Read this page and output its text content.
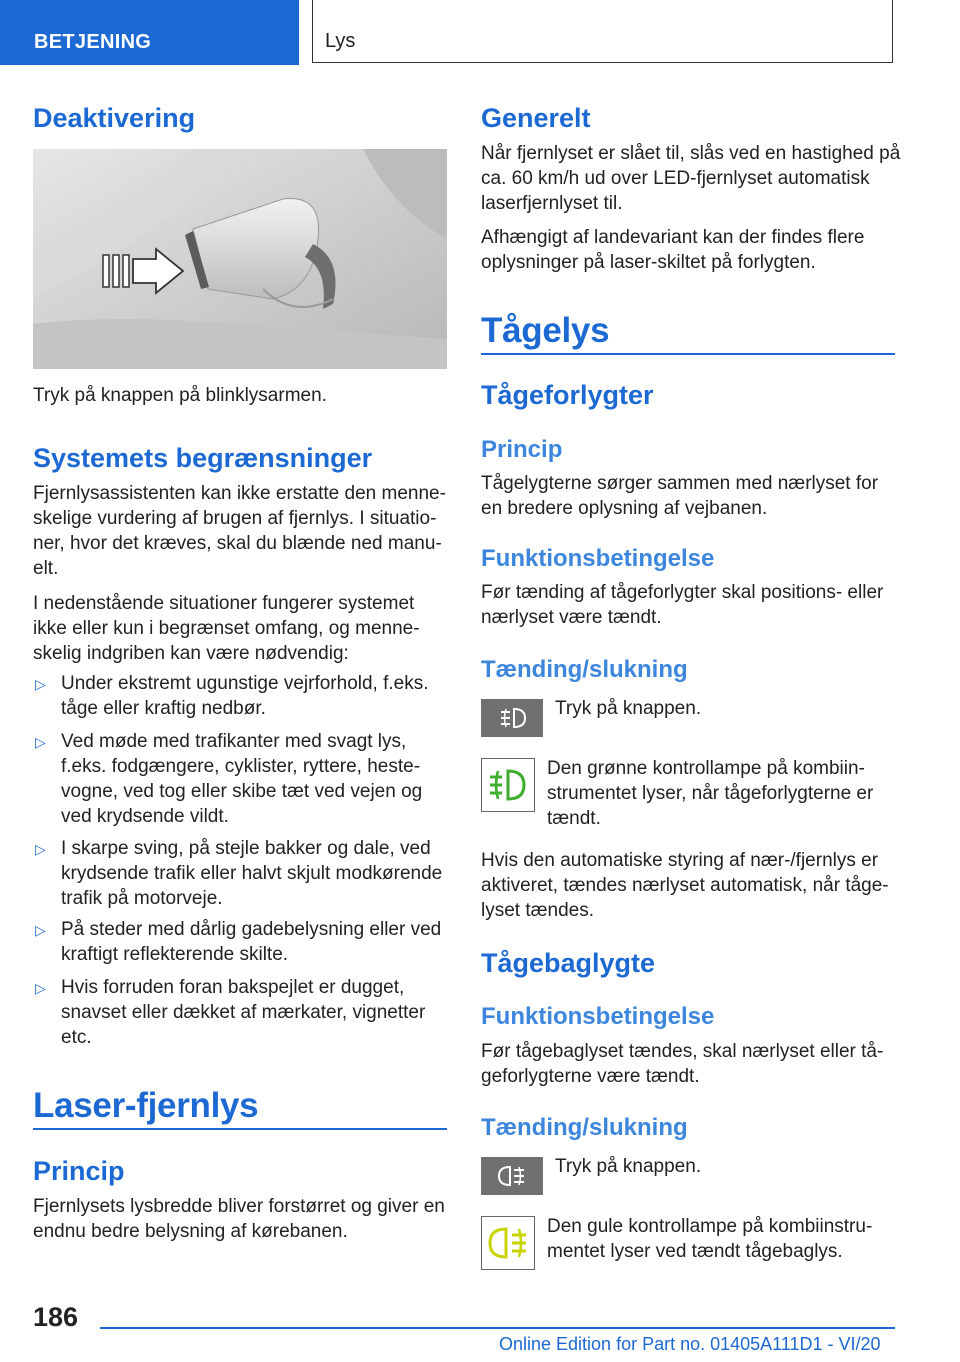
BETJENING	Lys
Deaktivering
Tryk på knappen på blinklysarmen.
Systemets begrænsninger
Fjernlysassistenten kan ikke erstatte den menne-
skelige vurdering af brugen af fjernlys. I situatio-
ner, hvor det kræves, skal du blænde ned manu-
elt.
I nedenstående situationer fungerer systemet
ikke eller kun i begrænset omfang, og menne-
skelig indgriben kan være nødvendig:
▷ Under ekstremt ugunstige vejrforhold, f.eks.
tåge eller kraftig nedbør.
▷ Ved møde med trafikanter med svagt lys,
f.eks. fodgængere, cyklister, ryttere, heste-
vogne, ved tog eller skibe tæt ved vejen og
ved krydsende vildt.
▷ I skarpe sving, på stejle bakker og dale, ved
krydsende trafik eller halvt skjult modkørende
trafik på motorveje.
▷ På steder med dårlig gadebelysning eller ved
kraftigt reflekterende skilte.
▷ Hvis forruden foran bakspejlet er dugget,
snavset eller dækket af mærkater, vignetter
etc.
Laser-fjernlys
Princip
Fjernlysets lysbredde bliver forstørret og giver en
endnu bedre belysning af kørebanen.
Generelt
Når fjernlyset er slået til, slås ved en hastighed på
ca. 60 km/h ud over LED-fjernlyset automatisk
laserfjernlyset til.
Afhængigt af landevariant kan der findes flere
oplysninger på laser-skiltet på forlygten.
Tågelys
Tågeforlygter
Princip
Tågelygterne sørger sammen med nærlyset for
en bredere oplysning af vejbanen.
Funktionsbetingelse
Før tænding af tågeforlygter skal positions- eller
nærlyset være tændt.
Tænding/slukning
Tryk på knappen.
Den grønne kontrollampe på kombiin-
strumentet lyser, når tågeforlygterne er
tændt.
Hvis den automatiske styring af nær-/fjernlys er
aktiveret, tændes nærlyset automatisk, når tåge-
lyset tændes.
Tågebaglygte
Funktionsbetingelse
Før tågebaglyset tændes, skal nærlyset eller tå-
geforlygterne være tændt.
Tænding/slukning
Tryk på knappen.
Den gule kontrollampe på kombiinstru-
mentet lyser ved tændt tågebaglys.
186
Online Edition for Part no. 01405A111D1 - VI/20
